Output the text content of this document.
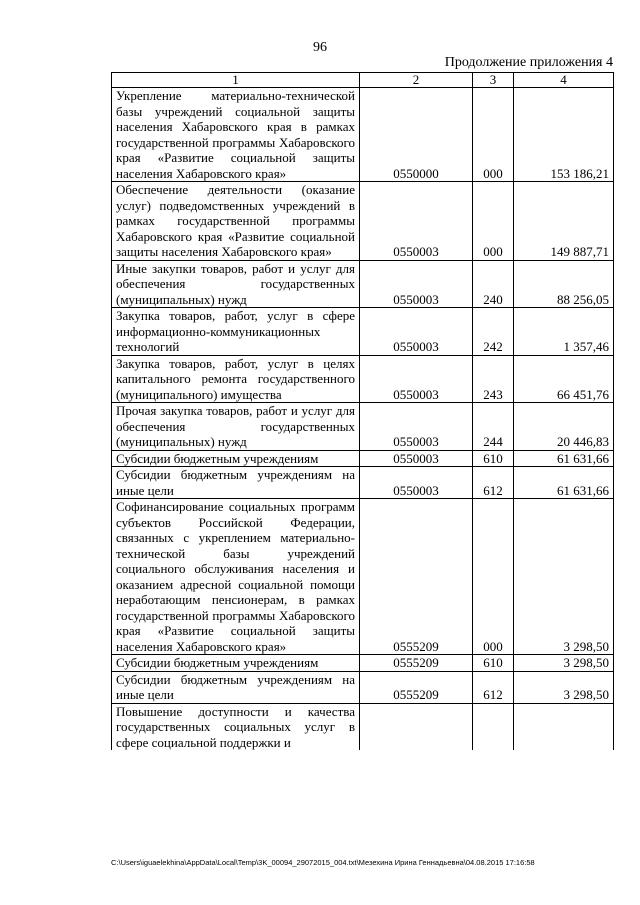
96
Продолжение приложения 4
1	2	3	4
Укрепление материально-технической базы учреждений социальной защиты населения Хабаровского края в рамках государственной программы Хабаровского края «Развитие социальной защиты населения Хабаровского края»	0550000	000	153 186,21
Обеспечение деятельности (оказание услуг) подведомственных учреждений в рамках государственной программы Хабаровского края «Развитие социальной защиты населения Хабаровского края»	0550003	000	149 887,71
Иные закупки товаров, работ и услуг для обеспечения государственных (муниципальных) нужд	0550003	240	88 256,05
Закупка товаров, работ, услуг в сфере информационно-коммуникационных технологий	0550003	242	1 357,46
Закупка товаров, работ, услуг в целях капитального ремонта государственного (муниципального) имущества	0550003	243	66 451,76
Прочая закупка товаров, работ и услуг для обеспечения государственных (муниципальных) нужд	0550003	244	20 446,83
Субсидии бюджетным учреждениям	0550003	610	61 631,66
Субсидии бюджетным учреждениям на иные цели	0550003	612	61 631,66
Софинансирование социальных программ субъектов Российской Федерации, связанных с укреплением материально-технической базы учреждений социального обслуживания населения и оказанием адресной социальной помощи неработающим пенсионерам, в рамках государственной программы Хабаровского края «Развитие социальной защиты населения Хабаровского края»	0555209	000	3 298,50
Субсидии бюджетным учреждениям	0555209	610	3 298,50
Субсидии бюджетным учреждениям на иные цели	0555209	612	3 298,50
Повышение доступности и качества государственных социальных услуг в сфере социальной поддержки и			
C:\Users\iguaelekhina\AppData\Local\Temp\3K_00094_29072015_004.txt\Мезехина Ирина Геннадьевна\04.08.2015 17:16:58
